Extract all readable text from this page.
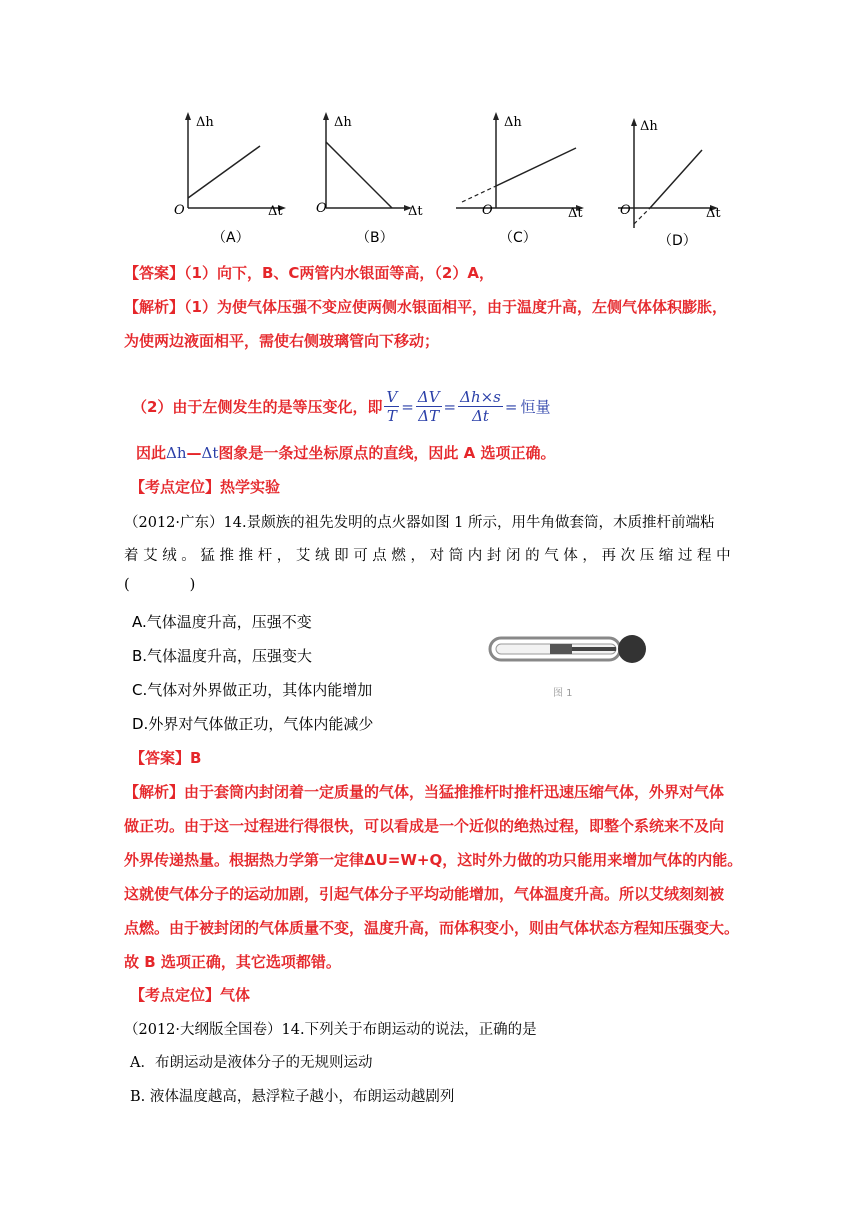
Δh
O	Δt
（A）
Δh
O	Δt
（B）
Δh
O	Δt
（C）
Δh
O	Δt
（D）
【答案】（1）向下，B、C两管内水银面等高，（2）A，
【解析】（1）为使气体压强不变应使两侧水银面相平，由于温度升高，左侧气体体积膨胀，
为使两边液面相平，需使右侧玻璃管向下移动；
（2）由于左侧发生的是等压变化，即 $\frac{V}{T} = \frac{\Delta V}{\Delta T} = \frac{\Delta h\times s}{\Delta t}$ = 恒量
因此Δh—Δt图象是一条过坐标原点的直线，因此 A 选项正确。
【考点定位】热学实验
（2012·广东）14.景颇族的祖先发明的点火器如图 1 所示，用牛角做套筒，木质推杆前端粘
着艾绒。猛推推杆，艾绒即可点燃，对筒内封闭的气体，再次压缩过程中
(             )
A.气体温度升高，压强不变
B.气体温度升高，压强变大
C.气体对外界做正功，其体内能增加
D.外界对气体做正功，气体内能减少
图 1
【答案】B
【解析】由于套筒内封闭着一定质量的气体，当猛推推杆时推杆迅速压缩气体，外界对气体
做正功。由于这一过程进行得很快，可以看成是一个近似的绝热过程，即整个系统来不及向
外界传递热量。根据热力学第一定律ΔU=W+Q，这时外力做的功只能用来增加气体的内能。
这就使气体分子的运动加剧，引起气体分子平均动能增加，气体温度升高。所以艾绒刻刻被
点燃。由于被封闭的气体质量不变，温度升高，而体积变小，则由气体状态方程知压强变大。
故 B 选项正确，其它选项都错。
【考点定位】气体
（2012·大纲版全国卷）14.下列关于布朗运动的说法，正确的是
A．布朗运动是液体分子的无规则运动
B. 液体温度越高，悬浮粒子越小，布朗运动越剧列
